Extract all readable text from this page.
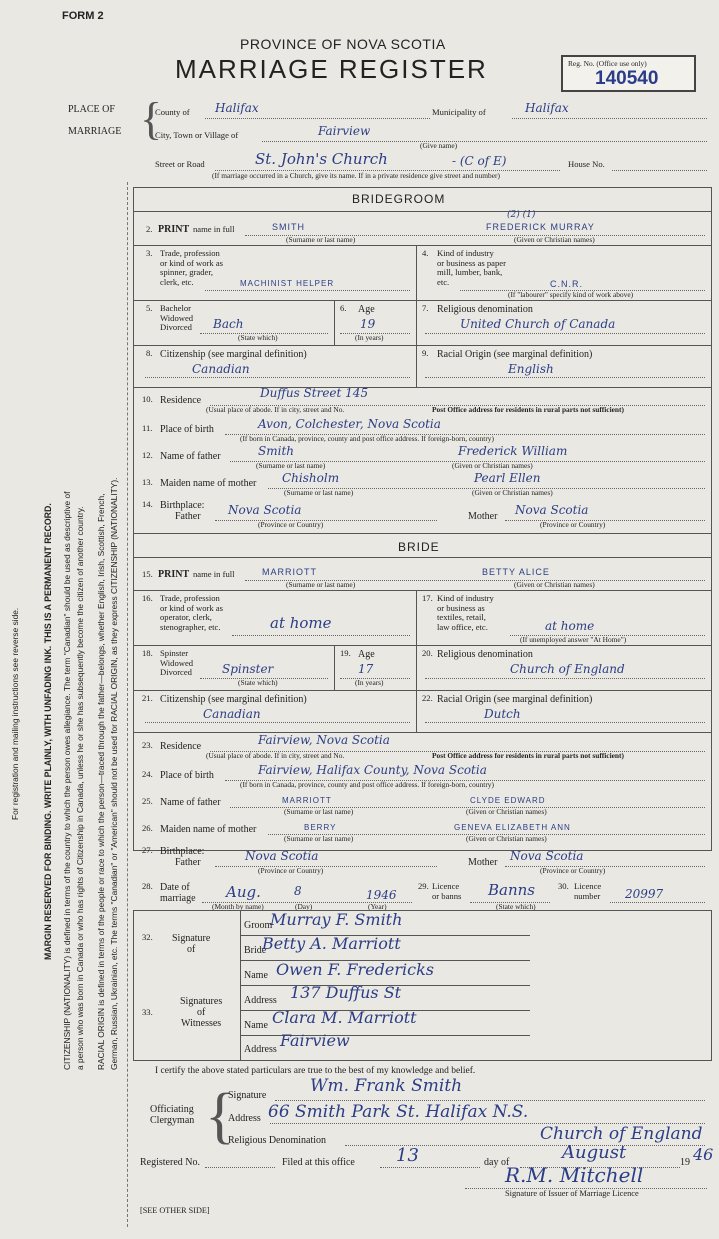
FORM 2
PROVINCE OF NOVA SCOTIA
MARRIAGE REGISTER	Reg. No. (Office use only)
140540
PLACE OF
MARRIAGE {
County of Halifax	Municipality of	Halifax
City, Town or Village of	Fairview
Street or Road	St. John's Church	- (C of E)
(Give name)
House No.
(If marriage occurred in a Church, give its name. If in a private residence give street and number)
For registration and mailing instructions see reverse side.	MARGIN RESERVED FOR BINDING. WRITE PLAINLY, WITH UNFADING INK. THIS IS A PERMANENT RECORD. CITIZENSHIP (NATIONALITY) is defined in terms of the country to which the person owes allegiance. The term "Canadian" should be used as descriptive of a person who was born in Canada or who has rights of Citizenship in Canada, unless he or she has subsequently become the citizen of another country. RACIAL ORIGIN is defined in terms of the people or race to which the person—traced through the father—belongs, whether English, Irish, Scottish, French, German, Russian, Ukrainian, etc. The terms "Canadian" or "American" should not be used for RACIAL ORIGIN, as they express CITIZENSHIP (NATIONALITY).
BRIDEGROOM
2. PRINT name in full	SMITH	FREDERICK MURRAY
(2) (1)
(Surname or last name)	(Given or Christian names)
3. Trade, profession
or kind of work as
spinner, grader,
clerk, etc.	MACHINIST HELPER
4. Kind of industry
or business as paper
mill, lumber, bank,
etc.	C.N.R.
(If "labourer" specify kind of work above)
5. Bachelor
Widowed
Divorced Bach
(State which)
6. Age
19
(In years)
7. Religious denomination
United Church of Canada
8. Citizenship (see marginal definition)
Canadian
9. Racial Origin (see marginal definition)
English
10. Residence
Duffus Street 145
(Usual place of abode. If in city, street and No.	Post Office address for residents in rural parts not sufficient)
11. Place of birth	Avon, Colchester, Nova Scotia
(If born in Canada, province, county and post office address. If foreign-born, country)
12. Name of father	Smith	Frederick William
(Surname or last name)	(Given or Christian names)
13. Maiden name of mother Chisholm	Pearl Ellen
(Surname or last name)	(Given or Christian names)
14. Birthplace:
Father Nova Scotia	Mother Nova Scotia
(Province or Country)	(Province or Country)
BRIDE
15. PRINT name in full	MARRIOTT	BETTY ALICE
(Surname or last name)	(Given or Christian names)
16. Trade, profession
or kind of work as
operator, clerk,
stenographer, etc.	at home
17. Kind of industry
or business as
textiles, retail,
law office, etc.	at home
(If unemployed answer "At Home")
18. Spinster
Widowed
Divorced	Spinster
(State which)
19. Age
17
(In years)
20. Religious denomination
Church of England
21. Citizenship (see marginal definition)
Canadian
22. Racial Origin (see marginal definition)
Dutch
23. Residence	Fairview, Nova Scotia
(Usual place of abode. If in city, street and No.	Post Office address for residents in rural parts not sufficient)
24. Place of birth	Fairview, Halifax County, Nova Scotia
(If born in Canada, province, county and post office address. If foreign-born, country)
25. Name of father	MARRIOTT	CLYDE EDWARD
(Surname or last name)	(Given or Christian names)
26. Maiden name of mother	BERRY	GENEVA ELIZABETH ANN
(Surname or last name)	(Given or Christian names)
27. Birthplace:
Father	Nova Scotia	Mother Nova Scotia
(Province or Country)	(Province or Country)
28. Date of
marriage Aug.	8	1946
(Month by name)	(Day)	(Year)
29. Licence
or banns Banns
(State which)
30. Licence
number 20997
32. Signature
of
Groom
Murray F. Smith
Bride
Betty A. Marriott
33.
Signatures
of
Witnesses
Name Owen F. Fredericks
Address 137 Duffus St
Name Clara M. Marriott
Address Fairview
I certify the above stated particulars are true to the best of my knowledge and belief.
Officiating
Clergyman {
Signature	Wm. Frank Smith
Address 66 Smith Park St. Halifax N.S.
Religious Denomination	Church of England
Registered No.	Filed at this office 13	day of	August	19 46
R.M. Mitchell
Signature of Issuer of Marriage Licence
[SEE OTHER SIDE]
